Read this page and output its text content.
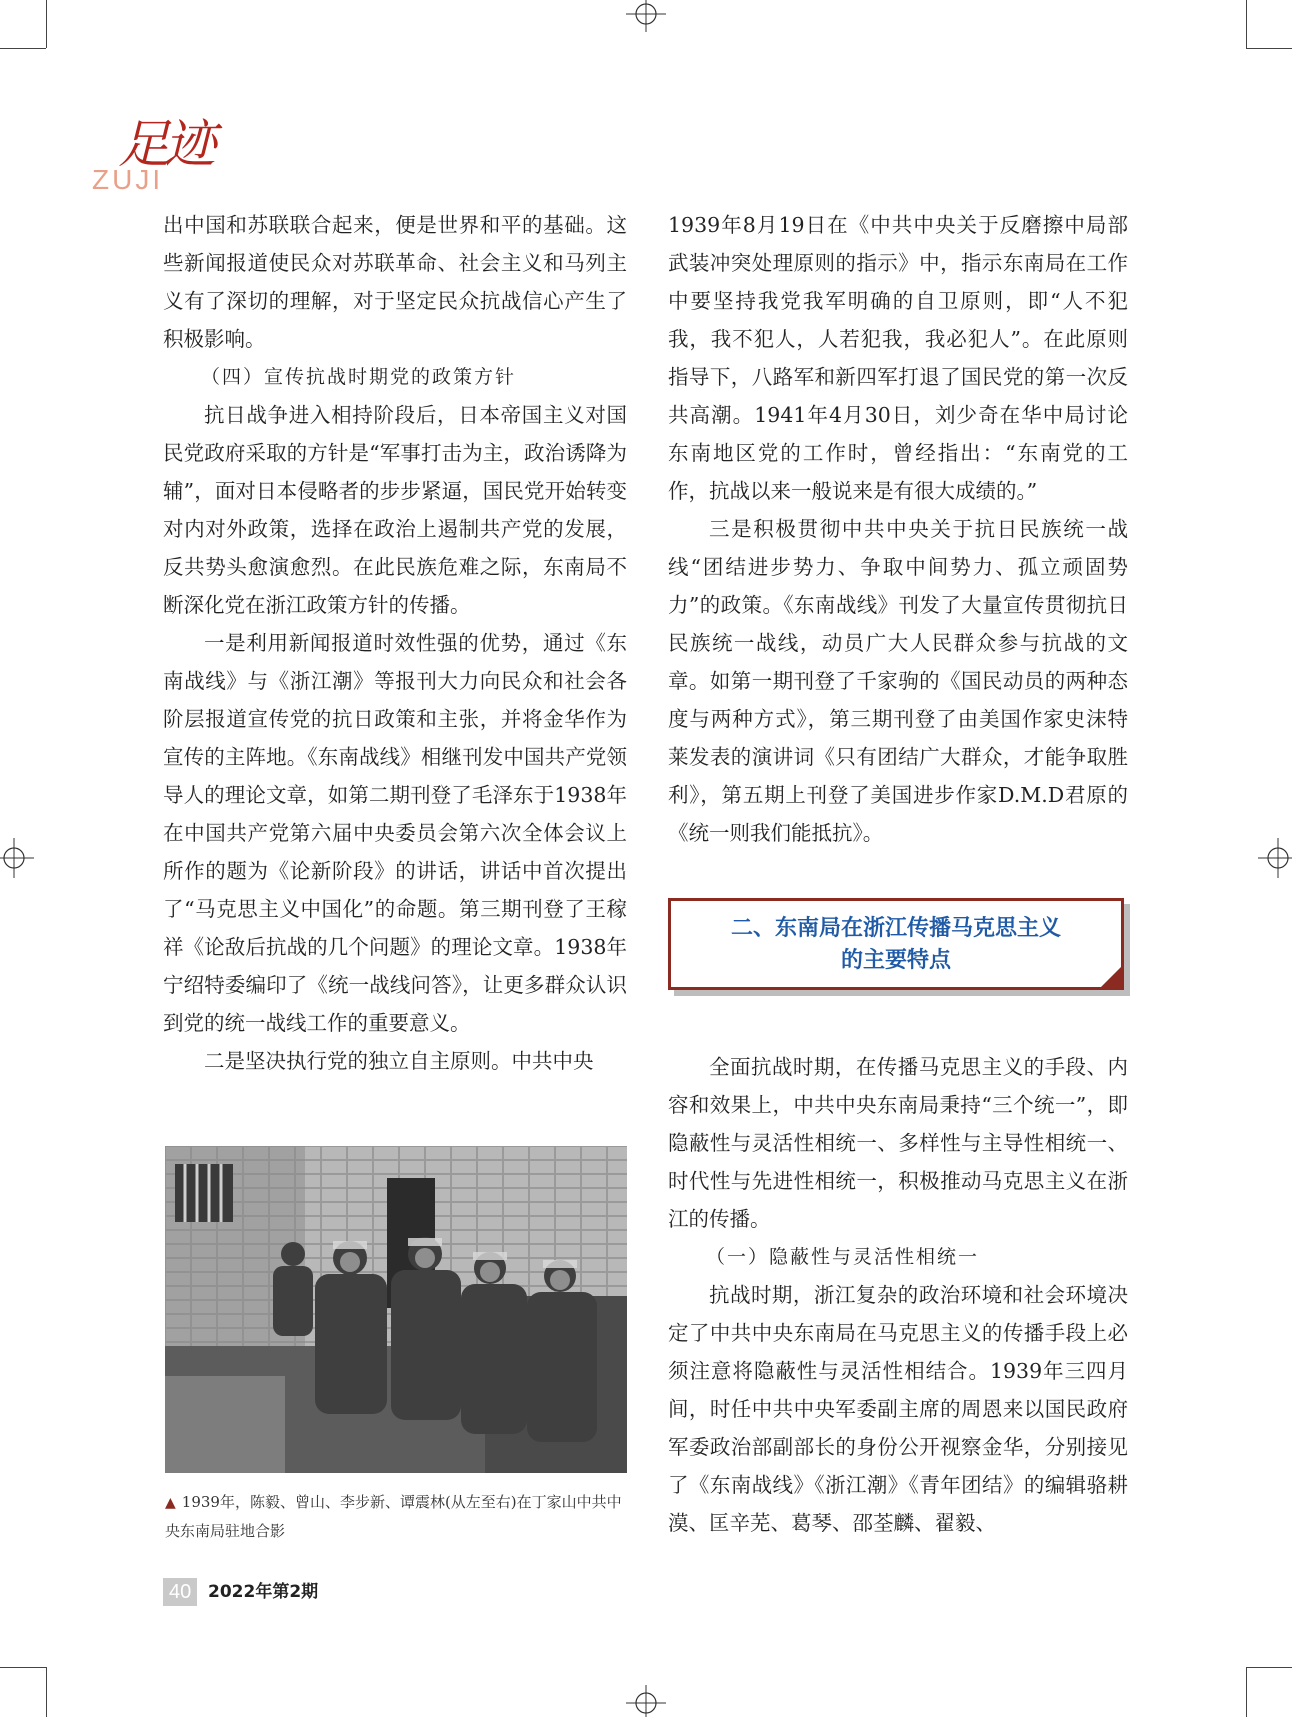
足迹
ZUJI

出中国和苏联联合起来，便是世界和平的基础。这些新闻报道使民众对苏联革命、社会主义和马列主义有了深切的理解，对于坚定民众抗战信心产生了积极影响。

（四）宣传抗战时期党的政策方针

抗日战争进入相持阶段后，日本帝国主义对国民党政府采取的方针是“军事打击为主，政治诱降为辅”，面对日本侵略者的步步紧逼，国民党开始转变对内对外政策，选择在政治上遏制共产党的发展，反共势头愈演愈烈。在此民族危难之际，东南局不断深化党在浙江政策方针的传播。

一是利用新闻报道时效性强的优势，通过《东南战线》与《浙江潮》等报刊大力向民众和社会各阶层报道宣传党的抗日政策和主张，并将金华作为宣传的主阵地。《东南战线》相继刊发中国共产党领导人的理论文章，如第二期刊登了毛泽东于1938年在中国共产党第六届中央委员会第六次全体会议上所作的题为《论新阶段》的讲话，讲话中首次提出了“马克思主义中国化”的命题。第三期刊登了王稼祥《论敌后抗战的几个问题》的理论文章。1938年宁绍特委编印了《统一战线问答》，让更多群众认识到党的统一战线工作的重要意义。

二是坚决执行党的独立自主原则。中共中央

1939年8月19日在《中共中央关于反磨擦中局部武装冲突处理原则的指示》中，指示东南局在工作中要坚持我党我军明确的自卫原则，即“人不犯我，我不犯人，人若犯我，我必犯人”。在此原则指导下，八路军和新四军打退了国民党的第一次反共高潮。1941年4月30日，刘少奇在华中局讨论东南地区党的工作时，曾经指出：“东南党的工作，抗战以来一般说来是有很大成绩的。”

三是积极贯彻中共中央关于抗日民族统一战线“团结进步势力、争取中间势力、孤立顽固势力”的政策。《东南战线》刊发了大量宣传贯彻抗日民族统一战线，动员广大人民群众参与抗战的文章。如第一期刊登了千家驹的《国民动员的两种态度与两种方式》，第三期刊登了由美国作家史沫特莱发表的演讲词《只有团结广大群众，才能争取胜利》，第五期上刊登了美国进步作家D.M.D君原的《统一则我们能抵抗》。

二、东南局在浙江传播马克思主义
的主要特点

全面抗战时期，在传播马克思主义的手段、内容和效果上，中共中央东南局秉持“三个统一”，即隐蔽性与灵活性相统一、多样性与主导性相统一、时代性与先进性相统一，积极推动马克思主义在浙江的传播。

（一）隐蔽性与灵活性相统一

抗战时期，浙江复杂的政治环境和社会环境决定了中共中央东南局在马克思主义的传播手段上必须注意将隐蔽性与灵活性相结合。1939年三四月间，时任中共中央军委副主席的周恩来以国民政府军委政治部副部长的身份公开视察金华，分别接见了《东南战线》《浙江潮》《青年团结》的编辑骆耕漠、匡辛芜、葛琴、邵荃麟、翟毅、

▲ 1939年，陈毅、曾山、李步新、谭震林(从左至右)在丁家山中共中央东南局驻地合影
40 2022年第2期
